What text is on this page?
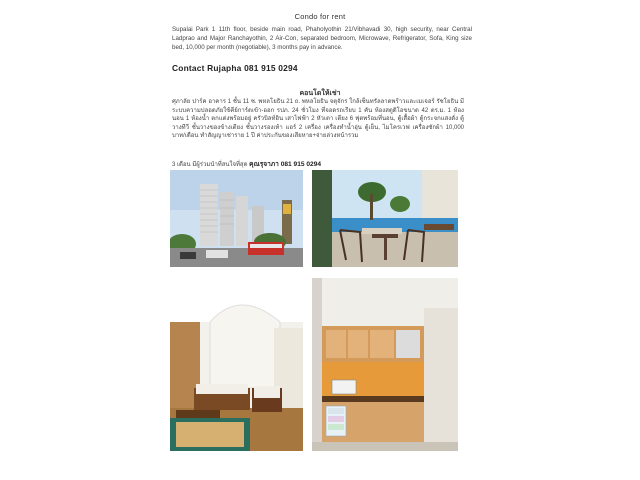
Condo for rent
Supalai Park 1 11th floor, beside main road, Phaholyothin 21/Vibhavadi 30, high security, near Central Ladprao and Major Ranchayothin, 2 Air-Con, separated bedroom, Microwave, Refrigerator, Sofa, King size bed, 10,000 per month (negotiable), 3 months pay in advance.
Contact Rujapha 081 915 0294
คอนโดให้เช่า
ศุภาลัย ปาร์ค อาคาร 1 ชั้น 11 ซ. พหลโยธิน 21 ถ. พหลโยธิน จตุจักร ใกล้เซ็นทรัลลาดพร้าวและเมเจอร์ รัชโยธิน มีระบบความปลอดภัยใช้คีย์การ์ดเข้า-ออก รปภ. 24 ชั่วโมง ที่จอดรถเรียบ 1 คัน ห้องสตูดิโอขนาด 42 ตร.ม. 1 ห้องนอน 1 ห้องน้ำ ตกแต่งพร้อมอยู่ ครัวบิลท์อิน เสาไฟฟ้า 2 หัวเตา เตียง 6 ฟุตพร้อมที่นอน, ตู้เสื้อผ้า ตู้กระจกแสงดั่ง ตู้วางทีวี ชั้นวางของข้างเตียง ชั้นวางรองเท้า แอร์ 2 เครื่อง เครื่องทำน้ำอุ่น ตู้เย็น, ไมโครเวฟ เครื่องซักผ้า 10,000 บาท/เดือน ทำสัญญาเช่าราย 1 ปี ค่าประกันของเสียหาย+จ่ายล่วงหน้ารวม
3 เดือน มีผู้ร่วมนำที่สนใจที่สุด คุณรุจาภา 081 915 0294
